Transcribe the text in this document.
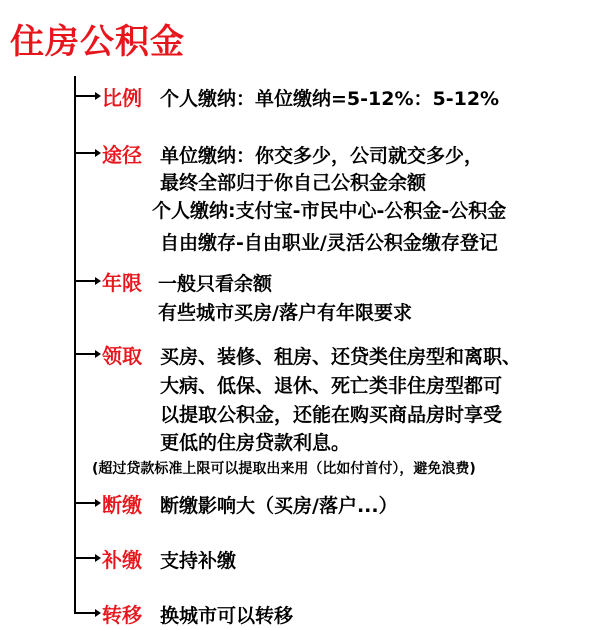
住房公积金
比例 个人缴纳：单位缴纳=5-12%：5-12%
途径 单位缴纳：你交多少，公司就交多少，
最终全部归于你自己公积金余额
个人缴纳:支付宝-市民中心-公积金-公积金
自由缴存-自由职业/灵活公积金缴存登记
年限 一般只看余额
有些城市买房/落户有年限要求
领取 买房、装修、租房、还贷类住房型和离职、
大病、低保、退休、死亡类非住房型都可
以提取公积金，还能在购买商品房时享受
更低的住房贷款利息。
(超过贷款标准上限可以提取出来用（比如付首付），避免浪费)
断缴 断缴影响大（买房/落户...）
补缴 支持补缴
转移 换城市可以转移
